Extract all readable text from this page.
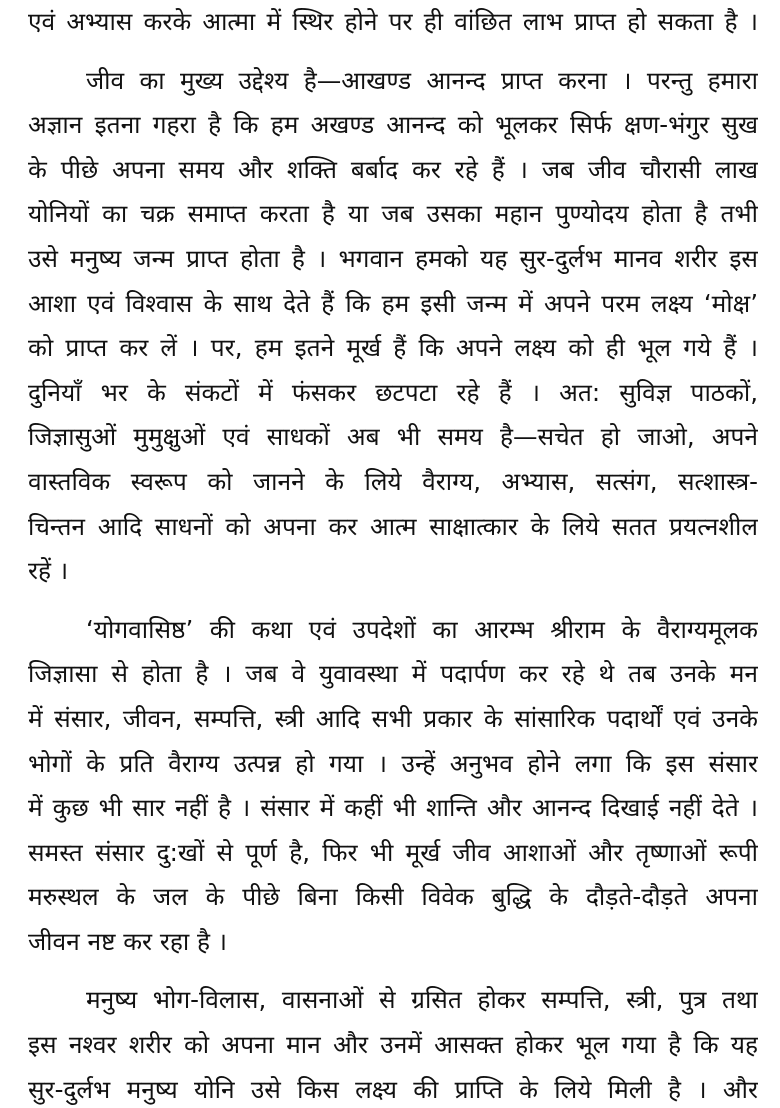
एवं अभ्यास करके आत्मा में स्थिर होने पर ही वांछित लाभ प्राप्त हो सकता है ।
जीव का मुख्य उद्देश्य है—आखण्ड आनन्द प्राप्त करना । परन्तु हमारा
अज्ञान इतना गहरा है कि हम अखण्ड आनन्द को भूलकर सिर्फ क्षण-भंगुर सुख
के पीछे अपना समय और शक्ति बर्बाद कर रहे हैं । जब जीव चौरासी लाख
योनियों का चक्र समाप्त करता है या जब उसका महान पुण्योदय होता है तभी
उसे मनुष्य जन्म प्राप्त होता है । भगवान हमको यह सुर-दुर्लभ मानव शरीर इस
आशा एवं विश्वास के साथ देते हैं कि हम इसी जन्म में अपने परम लक्ष्य ‘मोक्ष’
को प्राप्त कर लें । पर, हम इतने मूर्ख हैं कि अपने लक्ष्य को ही भूल गये हैं ।
दुनियाँ भर के संकटों में फंसकर छटपटा रहे हैं । अत: सुविज्ञ पाठकों,
जिज्ञासुओं मुमुक्षुओं एवं साधकों अब भी समय है—सचेत हो जाओ, अपने
वास्तविक स्वरूप को जानने के लिये वैराग्य, अभ्यास, सत्संग, सत्शास्त्र-
चिन्तन आदि साधनों को अपना कर आत्म साक्षात्कार के लिये सतत प्रयत्नशील
रहें ।
‘योगवासिष्ठ’ की कथा एवं उपदेशों का आरम्भ श्रीराम के वैराग्यमूलक
जिज्ञासा से होता है । जब वे युवावस्था में पदार्पण कर रहे थे तब उनके मन
में संसार, जीवन, सम्पत्ति, स्त्री आदि सभी प्रकार के सांसारिक पदार्थों एवं उनके
भोगों के प्रति वैराग्य उत्पन्न हो गया । उन्हें अनुभव होने लगा कि इस संसार
में कुछ भी सार नहीं है । संसार में कहीं भी शान्ति और आनन्द दिखाई नहीं देते ।
समस्त संसार दु:खों से पूर्ण है, फिर भी मूर्ख जीव आशाओं और तृष्णाओं रूपी
मरुस्थल के जल के पीछे बिना किसी विवेक बुद्धि के दौड़ते-दौड़ते अपना
जीवन नष्ट कर रहा है ।
मनुष्य भोग-विलास, वासनाओं से ग्रसित होकर सम्पत्ति, स्त्री, पुत्र तथा
इस नश्वर शरीर को अपना मान और उनमें आसक्त होकर भूल गया है कि यह
सुर-दुर्लभ मनुष्य योनि उसे किस लक्ष्य की प्राप्ति के लिये मिली है । और
